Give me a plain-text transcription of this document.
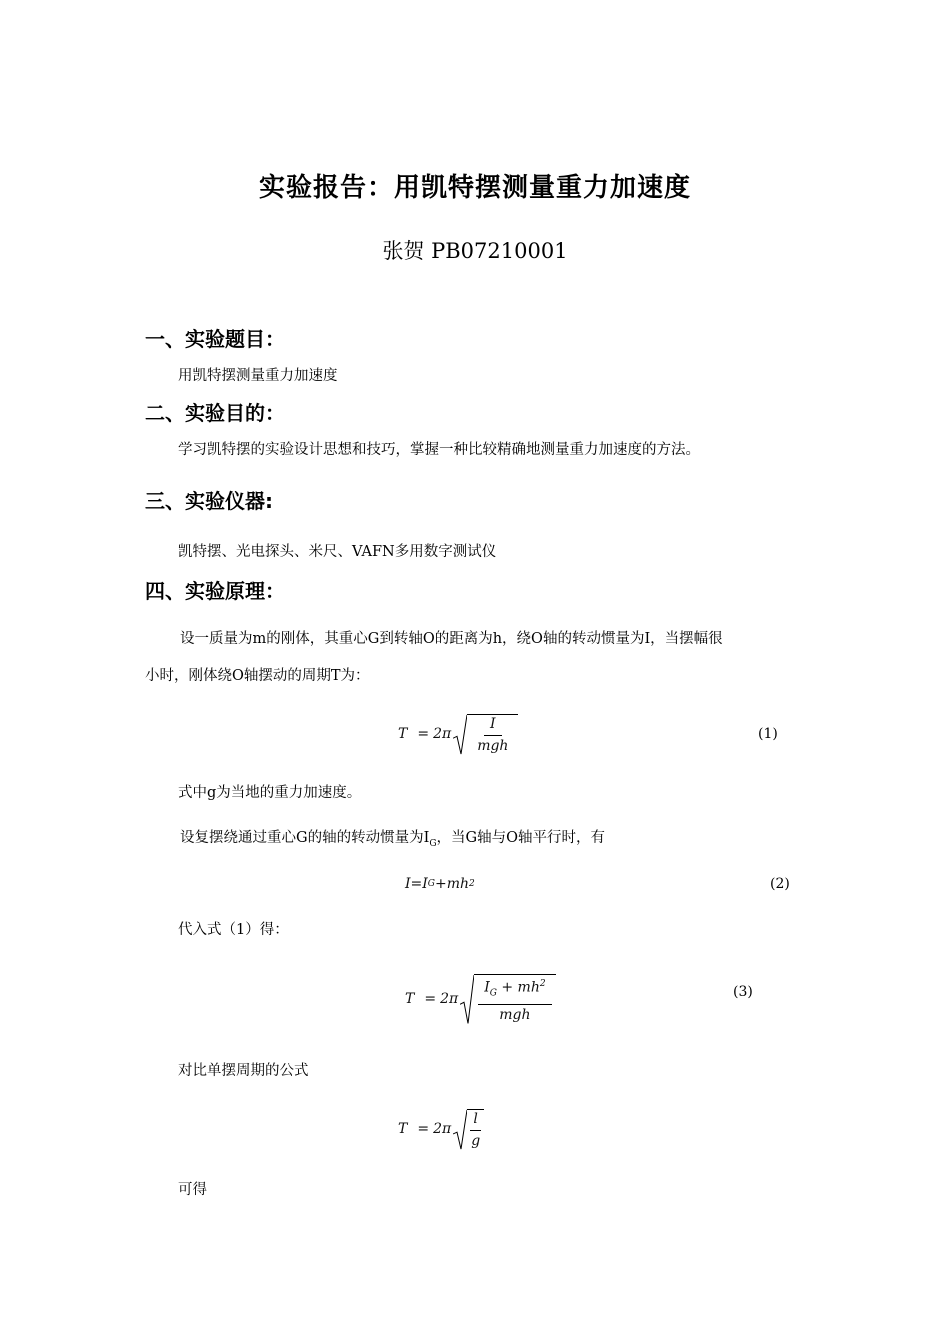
实验报告：用凯特摆测量重力加速度
张贺 PB07210001
一、实验题目：
用凯特摆测量重力加速度
二、实验目的：
学习凯特摆的实验设计思想和技巧，掌握一种比较精确地测量重力加速度的方法。
三、实验仪器:
凯特摆、光电探头、米尺、VAFN多用数字测试仪
四、实验原理：
设一质量为m的刚体，其重心G到转轴O的距离为h，绕O轴的转动惯量为I，当摆幅很
小时，刚体绕O轴摆动的周期T为：
$T = 2\pi \frac{I}{\text{mgh}}$	(1)
式中g为当地的重力加速度。
设复摆绕通过重心G的轴的转动惯量为$I_G$，当G轴与O轴平行时，有
I=I G +mh 2	(2)
代入式（1）得：
$T = 2\pi \frac{I_G + mh^2}{\text{mgh}}$	(3)
对比单摆周期的公式
$T = 2\pi \frac{l}{g}$
可得
